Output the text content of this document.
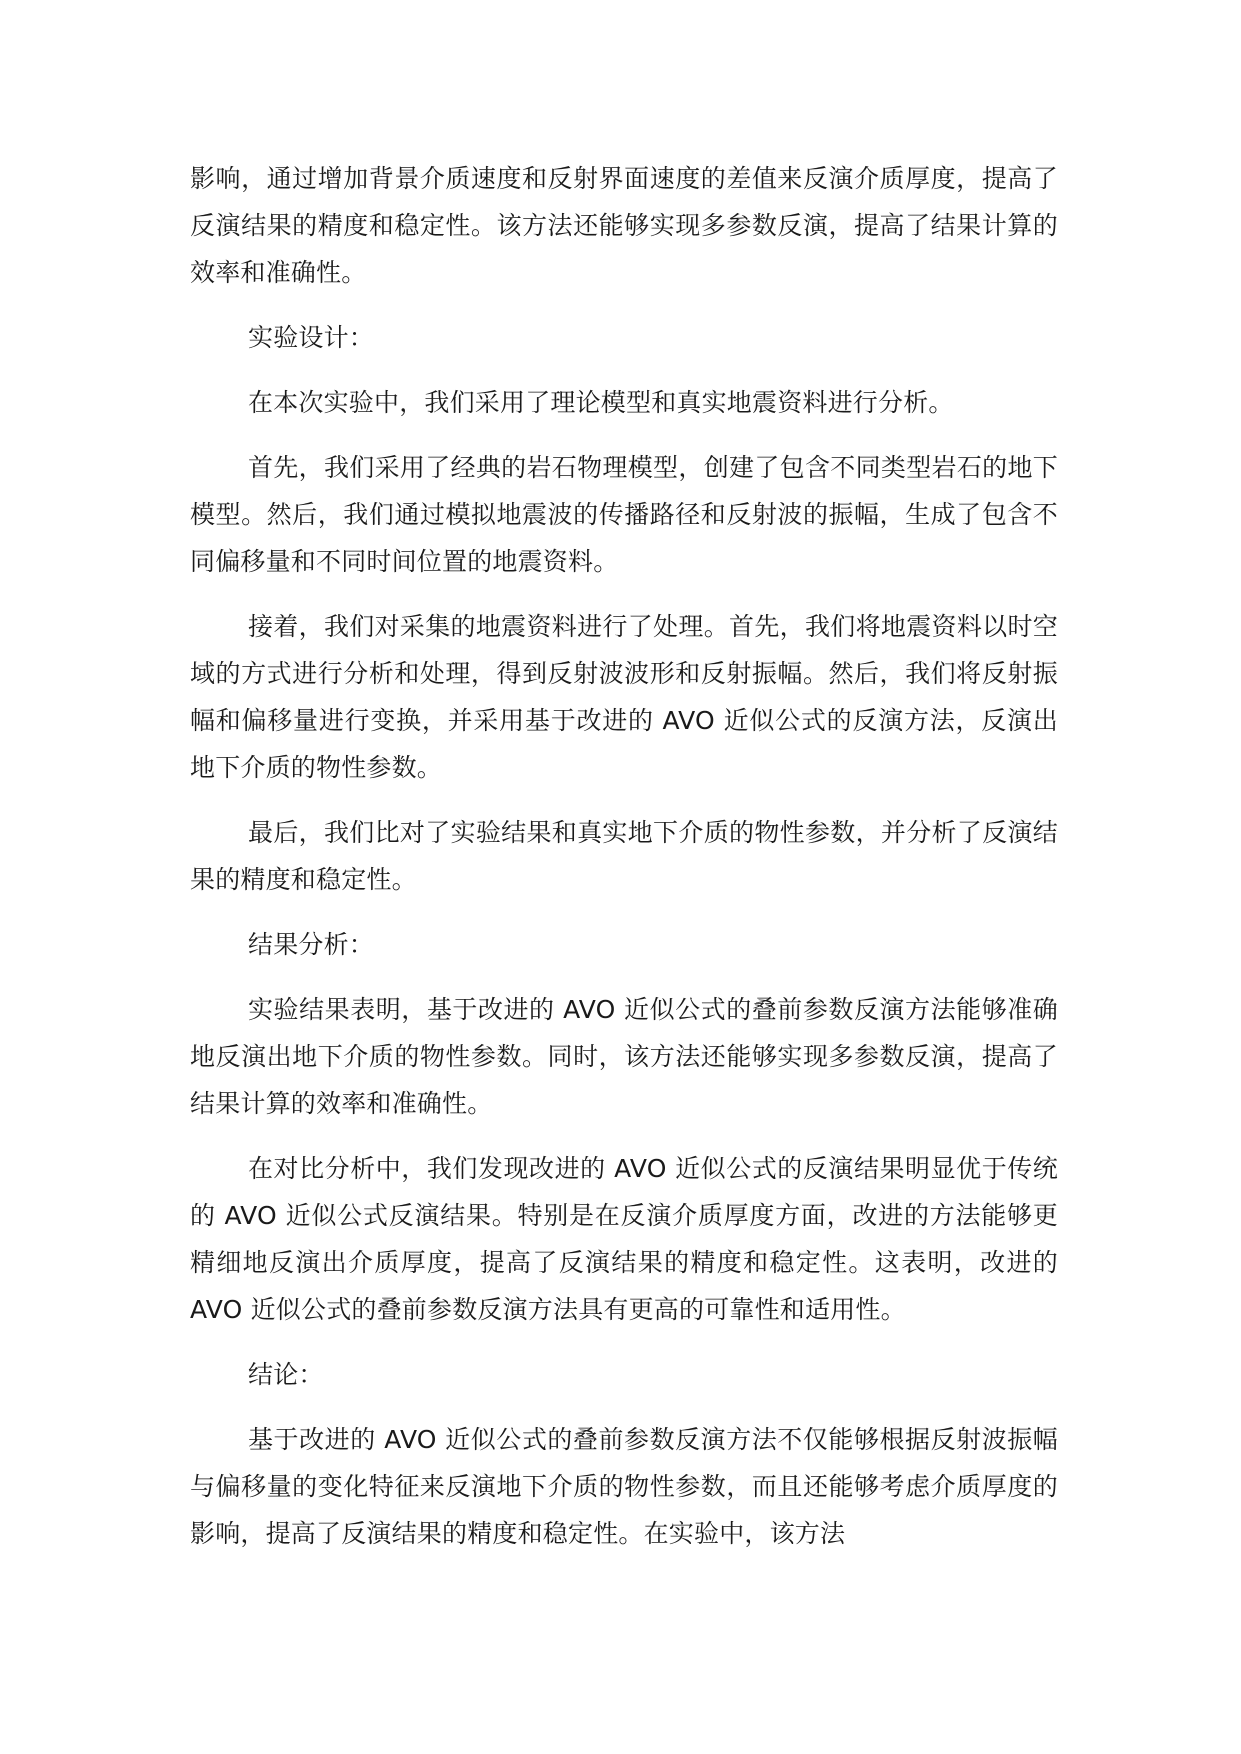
影响，通过增加背景介质速度和反射界面速度的差值来反演介质厚度，提高了反演结果的精度和稳定性。该方法还能够实现多参数反演，提高了结果计算的效率和准确性。

实验设计：

在本次实验中，我们采用了理论模型和真实地震资料进行分析。

首先，我们采用了经典的岩石物理模型，创建了包含不同类型岩石的地下模型。然后，我们通过模拟地震波的传播路径和反射波的振幅，生成了包含不同偏移量和不同时间位置的地震资料。

接着，我们对采集的地震资料进行了处理。首先，我们将地震资料以时空域的方式进行分析和处理，得到反射波波形和反射振幅。然后，我们将反射振幅和偏移量进行变换，并采用基于改进的 AVO 近似公式的反演方法，反演出地下介质的物性参数。

最后，我们比对了实验结果和真实地下介质的物性参数，并分析了反演结果的精度和稳定性。

结果分析：

实验结果表明，基于改进的 AVO 近似公式的叠前参数反演方法能够准确地反演出地下介质的物性参数。同时，该方法还能够实现多参数反演，提高了结果计算的效率和准确性。

在对比分析中，我们发现改进的 AVO 近似公式的反演结果明显优于传统的 AVO 近似公式反演结果。特别是在反演介质厚度方面，改进的方法能够更精细地反演出介质厚度，提高了反演结果的精度和稳定性。这表明，改进的 AVO 近似公式的叠前参数反演方法具有更高的可靠性和适用性。

结论：

基于改进的 AVO 近似公式的叠前参数反演方法不仅能够根据反射波振幅与偏移量的变化特征来反演地下介质的物性参数，而且还能够考虑介质厚度的影响，提高了反演结果的精度和稳定性。在实验中，该方法
